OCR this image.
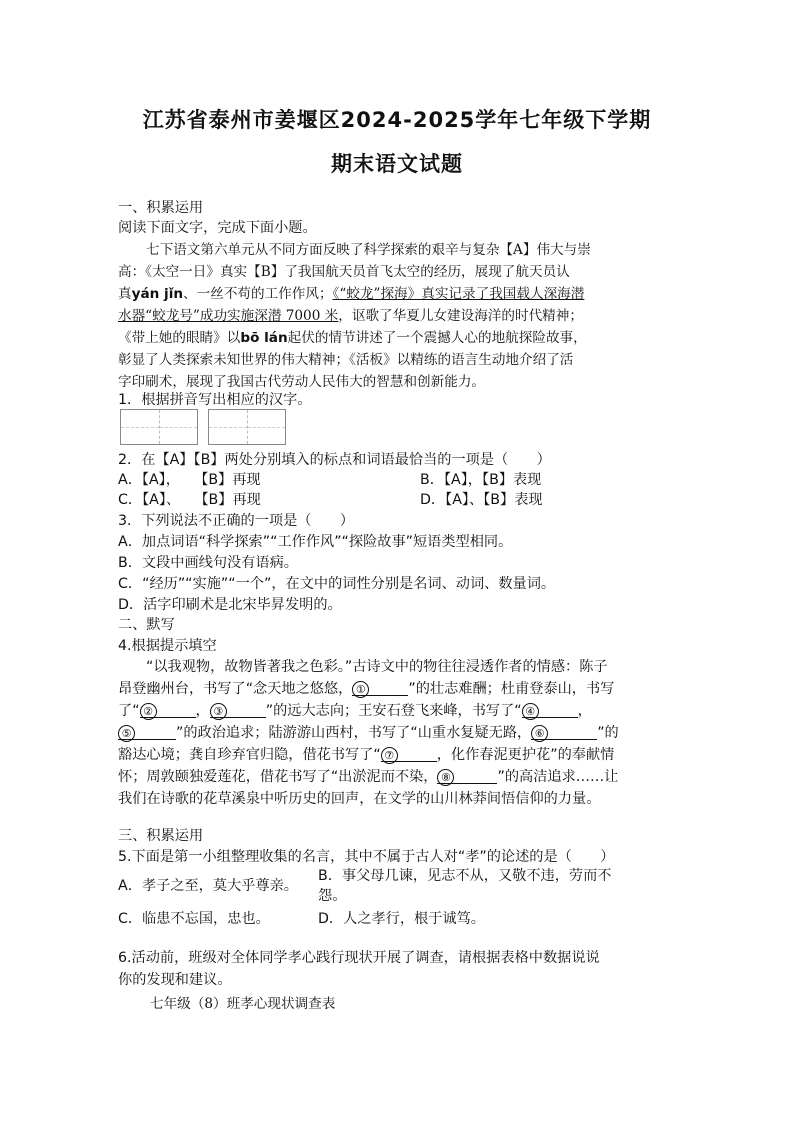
江苏省泰州市姜堰区2024-2025学年七年级下学期
期末语文试题
一、积累运用
阅读下面文字，完成下面小题。
七下语文第六单元从不同方面反映了科学探索的艰辛与复杂【A】伟大与崇
高：《太空一日》真实【B】了我国航天员首飞太空的经历，展现了航天员认
真yán jǐn、一丝不苟的工作作风；《“蛟龙”探海》真实记录了我国载人深海潜
水器“蛟龙号”成功实施深潜 7000 米，讴歌了华夏儿女建设海洋的时代精神；
《带上她的眼睛》以bō lán起伏的情节讲述了一个震撼人心的地航探险故事，
彰显了人类探索未知世界的伟大精神；《活板》以精练的语言生动地介绍了活
字印刷术，展现了我国古代劳动人民伟大的智慧和创新能力。
1．根据拼音写出相应的汉字。
2．在【A】【B】两处分别填入的标点和词语最恰当的一项是（　　）
A．【A】，　　【B】再现	B．【A】，【B】表现
C．【A】、　　【B】再现	D．【A】、【B】表现
3．下列说法不正确的一项是（　　）
A．加点词语“科学探索”“工作作风”“探险故事”短语类型相同。
B．文段中画线句没有语病。
C．“经历”“实施”“一个”，在文中的词性分别是名词、动词、数量词。
D．活字印刷术是北宋毕昇发明的。
二、默写
4.根据提示填空
“以我观物，故物皆著我之色彩。”古诗文中的物往往浸透作者的情感：陈子
昂登幽州台，书写了“念天地之悠悠， ①	”的壮志难酬；杜甫登泰山，书写
了“ ②	， ③	”的远大志向；王安石登飞来峰，书写了“ ④	，
⑤	”的政治追求；陆游游山西村，书写了“山重水复疑无路， ⑥	”的
豁达心境；龚自珍弃官归隐，借花书写了“ ⑦	，化作春泥更护花”的奉献情
怀；周敦颐独爱莲花，借花书写了“出淤泥而不染， ⑧	”的高洁追求……让
我们在诗歌的花草溪泉中听历史的回声，在文学的山川林莽间悟信仰的力量。
三、积累运用
5.下面是第一小组整理收集的名言，其中不属于古人对“孝”的论述的是（　　）
A．孝子之至，莫大乎尊亲。
B．事父母几谏，见志不从，又敬不违，劳而不
怨。
C．临患不忘国，忠也。	D．人之孝行，根于诚笃。
6.活动前，班级对全体同学孝心践行现状开展了调查，请根据表格中数据说说
你的发现和建议。
七年级（8）班孝心现状调查表
